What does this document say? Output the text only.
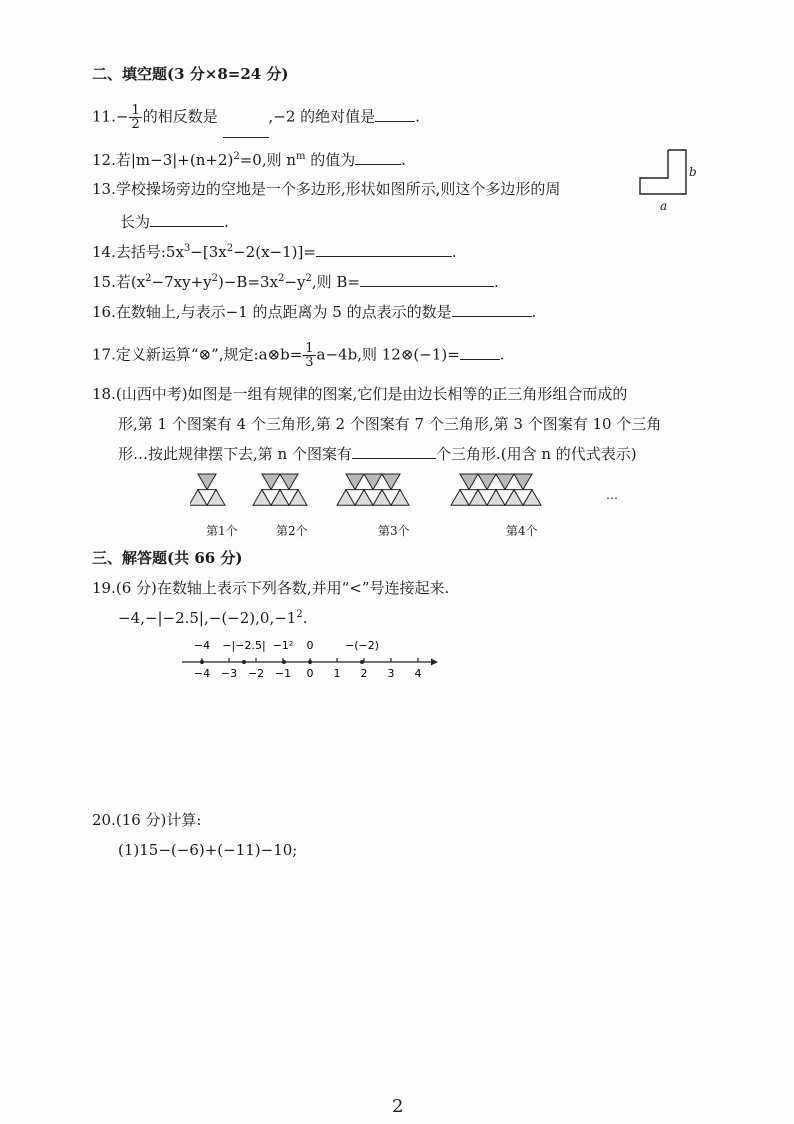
二、填空题(3 分×8=24 分)
$11.- \frac{1}{2}$ 的相反数是	,−2 的绝对值是	.
12.若$|m-3|+(n+2)^2=0$,则 $n^m$ 的值为	.
13.学校操场旁边的空地是一个多边形,形状如图所示,则这个多边形的周
长为	.
b
a
14.去括号$:5x^3-[3x^2-2(x-1)]=$	.
15.若$(x^2-7xy+y^2)-B=3x^2-y^2$,则 B=	.
16.在数轴上,与表示−1 的点距离为 5 的点表示的数是	.
17.定义新运算“⊗”,规定:a⊗b= $\frac{1}{3} a-4b$,则 12⊗(−1)=	.
18.(山西中考)如图是一组有规律的图案,它们是由边长相等的正三角形组合而成的
形,第 1 个图案有 4 个三角形,第 2 个图案有 7 个三角形,第 3 个图案有 10 个三角
形…按此规律摆下去,第 n 个图案有	个三角形.(用含 n 的代式表示)
第1个	第2个	第3个	第4个
…
三、解答题(共 66 分)
19.(6 分)在数轴上表示下列各数,并用“<”号连接起来.
$-4,-|-2.5|,-(-2),0,-1^2$.
−4 −3 −2 −1 0 1 2 3 4
−4 −|−2.5| −1² 0	−(−2)
20.(16 分)计算:
(1)15−(−6)+(−11)−10;
2
